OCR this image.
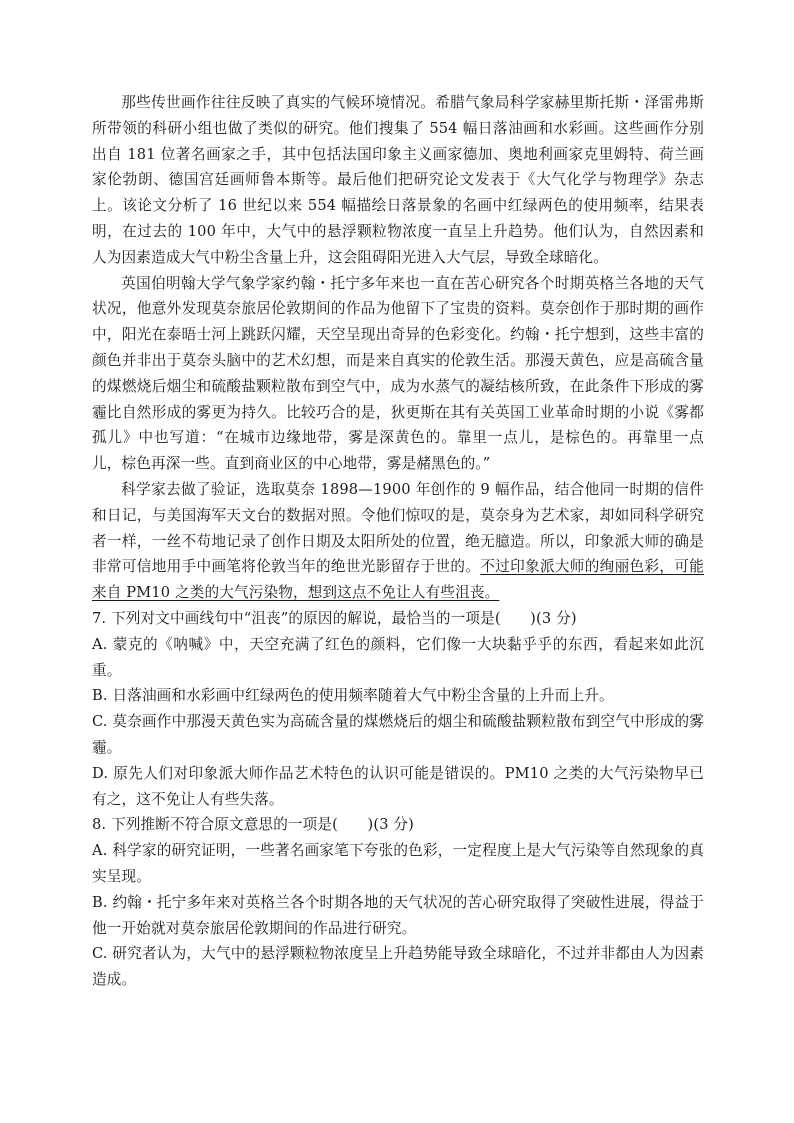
那些传世画作往往反映了真实的气候环境情况。希腊气象局科学家赫里斯托斯・泽雷弗斯所带领的科研小组也做了类似的研究。他们搜集了 554 幅日落油画和水彩画。这些画作分别出自 181 位著名画家之手，其中包括法国印象主义画家德加、奥地利画家克里姆特、荷兰画家伦勃朗、德国宫廷画师鲁本斯等。最后他们把研究论文发表于《大气化学与物理学》杂志上。该论文分析了 16 世纪以来 554 幅描绘日落景象的名画中红绿两色的使用频率，结果表明，在过去的 100 年中，大气中的悬浮颗粒物浓度一直呈上升趋势。他们认为，自然因素和人为因素造成大气中粉尘含量上升，这会阻碍阳光进入大气层，导致全球暗化。

英国伯明翰大学气象学家约翰・托宁多年来也一直在苦心研究各个时期英格兰各地的天气状况，他意外发现莫奈旅居伦敦期间的作品为他留下了宝贵的资料。莫奈创作于那时期的画作中，阳光在泰晤士河上跳跃闪耀，天空呈现出奇异的色彩变化。约翰・托宁想到，这些丰富的颜色并非出于莫奈头脑中的艺术幻想，而是来自真实的伦敦生活。那漫天黄色，应是高硫含量的煤燃烧后烟尘和硫酸盐颗粒散布到空气中，成为水蒸气的凝结核所致，在此条件下形成的雾霾比自然形成的雾更为持久。比较巧合的是，狄更斯在其有关英国工业革命时期的小说《雾都孤儿》中也写道：“在城市边缘地带，雾是深黄色的。靠里一点儿，是棕色的。再靠里一点儿，棕色再深一些。直到商业区的中心地带，雾是赭黑色的。”

科学家去做了验证，选取莫奈 1898—1900 年创作的 9 幅作品，结合他同一时期的信件和日记，与美国海军天文台的数据对照。令他们惊叹的是，莫奈身为艺术家，却如同科学研究者一样，一丝不苟地记录了创作日期及太阳所处的位置，绝无臆造。所以，印象派大师的确是非常可信地用手中画笔将伦敦当年的绝世光影留存于世的。不过印象派大师的绚丽色彩，可能来自 PM10 之类的大气污染物，想到这点不免让人有些沮丧。

7. 下列对文中画线句中“沮丧”的原因的解说，最恰当的一项是(　　)(3 分)

A. 蒙克的《呐喊》中，天空充满了红色的颜料，它们像一大块黏乎乎的东西，看起来如此沉重。

B. 日落油画和水彩画中红绿两色的使用频率随着大气中粉尘含量的上升而上升。

C. 莫奈画作中那漫天黄色实为高硫含量的煤燃烧后的烟尘和硫酸盐颗粒散布到空气中形成的雾霾。

D. 原先人们对印象派大师作品艺术特色的认识可能是错误的。PM10 之类的大气污染物早已有之，这不免让人有些失落。

8. 下列推断不符合原文意思的一项是(　　)(3 分)

A. 科学家的研究证明，一些著名画家笔下夸张的色彩，一定程度上是大气污染等自然现象的真实呈现。

B. 约翰・托宁多年来对英格兰各个时期各地的天气状况的苦心研究取得了突破性进展，得益于他一开始就对莫奈旅居伦敦期间的作品进行研究。

C. 研究者认为，大气中的悬浮颗粒物浓度呈上升趋势能导致全球暗化，不过并非都由人为因素造成。
